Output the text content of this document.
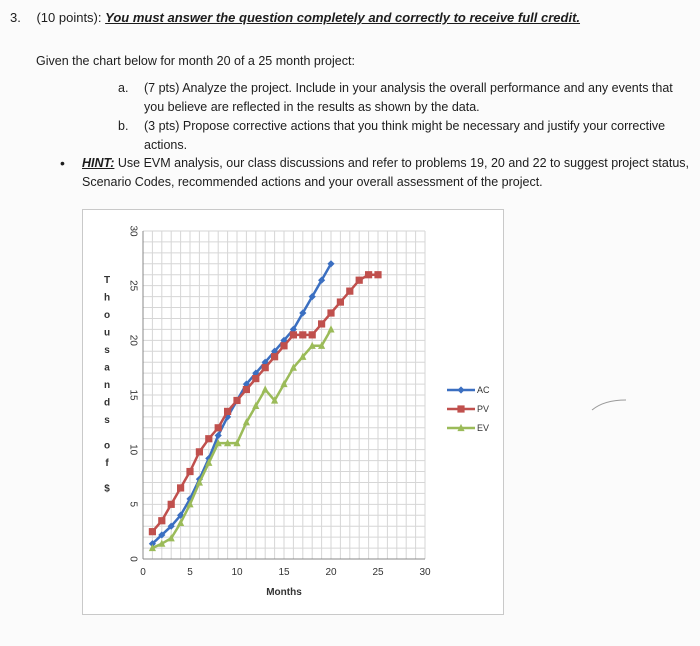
3. (10 points): You must answer the question completely and correctly to receive full credit.
Given the chart below for month 20 of a 25 month project:
a.	(7 pts) Analyze the project. Include in your analysis the overall performance and any events that you believe are reflected in the results as shown by the data.
b.	(3 pts) Propose corrective actions that you think might be necessary and justify your corrective actions.
•	HINT: Use EVM analysis, our class discussions and refer to problems 19, 20 and 22 to suggest project status, Scenario Codes, recommended actions and your overall assessment of the project.
0	5	10	15	20	25	30
0
5
10
15
20
25
30
Months
T
h
o
u
s
a
n
d
s
o
f
$
AC
PV
EV
